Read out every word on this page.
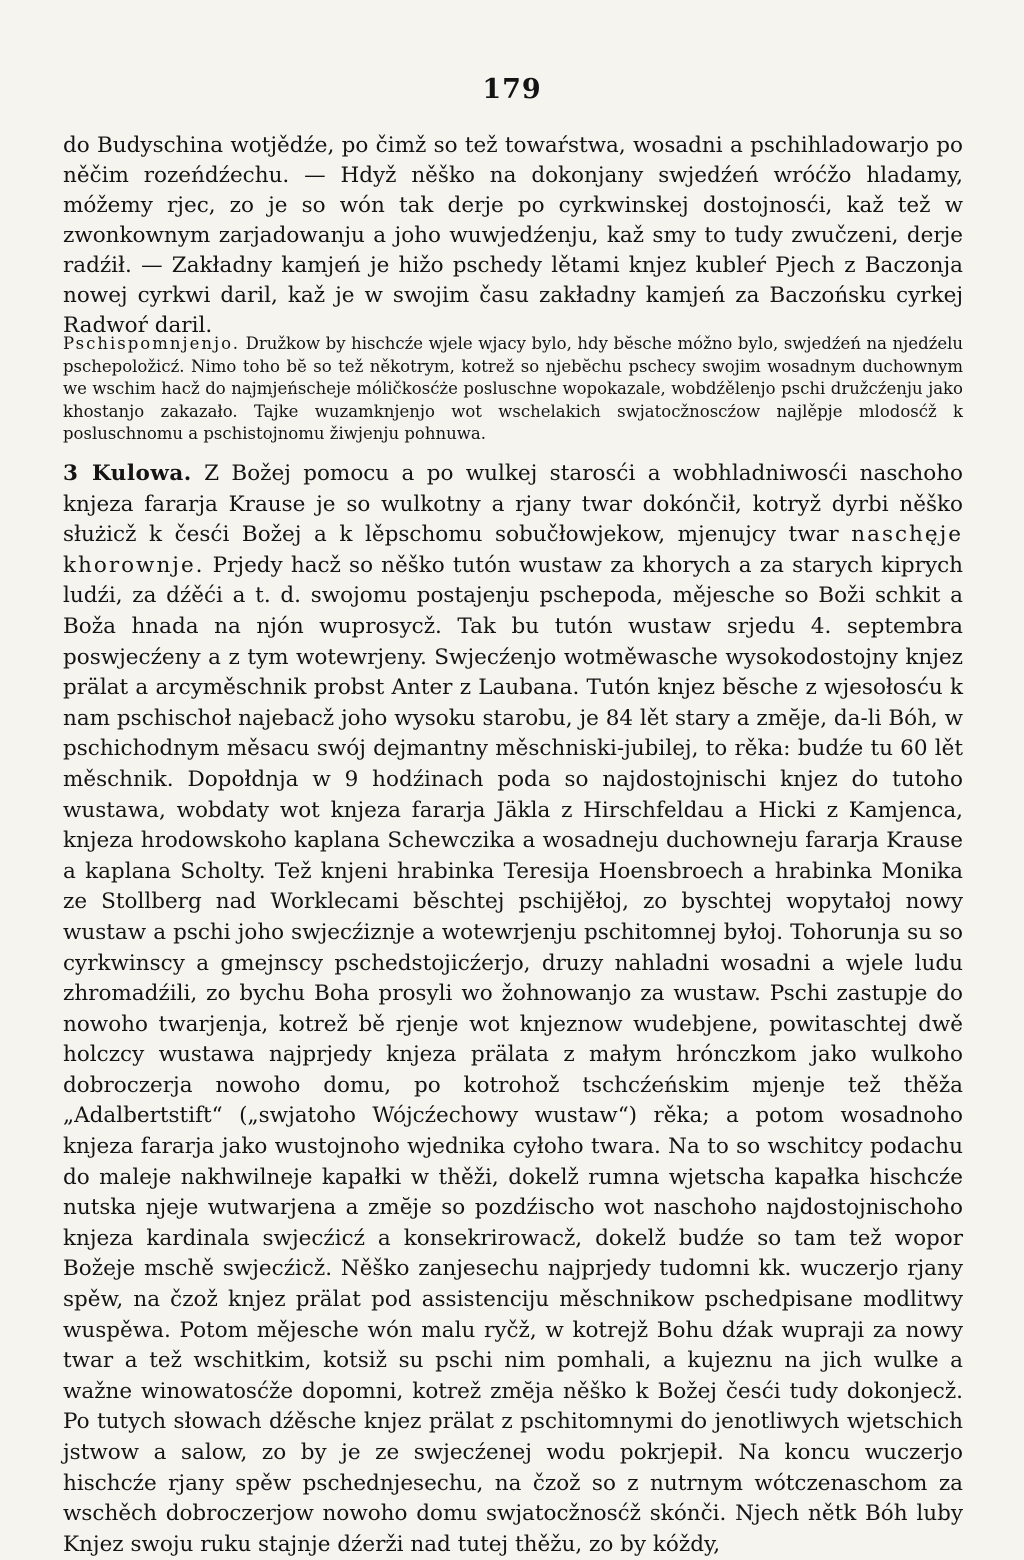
179

do Budyschina wotjědźe, po čimž so tež towaŕstwa, wosadni a pschihladowarjo po něčim rozeńdźechu. — Hdyž něško na dokonjany swjedźeń wróćžo hladamy, móžemy rjec, zo je so wón tak derje po cyrkwinskej dostojnosći, kaž tež w zwonkownym zarjadowanju a joho wuwjedźenju, kaž smy to tudy zwučzeni, derje radźił. — Zakładny kamjeń je hižo pschedy lětami knjez kubleŕ Pjech z Baczonja nowej cyrkwi daril, kaž je w swojim času zakładny kamjeń za Baczońsku cyrkej Radwoŕ daril.

Pschispomnjenjo. Družkow by hischcźe wjele wjacy bylo, hdy bĕsche móžno bylo, swjedźeń na njedźelu pschepoložicź. Nimo toho bĕ so tež někotrym, kotrež so njebĕchu pschecy swojim wosadnym duchownym we wschim hacž do najmjeńscheje móličkosćże posluschne wopokazale, wobdźělenjo pschi družcźenju jako khostanjo zakazało. Tajke wuzamknjenjo wot wschelakich swjatocžnoscźow najlěpje mlodosćž k posluschnomu a pschistojnomu žiwjenju pohnuwa.

3 Kulowa. Z Božej pomocu a po wulkej starosći a wobhladniwosći naschoho knjeza fararja Krause je so wulkotny a rjany twar dokónčił, kotryž dyrbi něško służicž k česći Božej a k lěpschomu sobučłowjekow, mjenujcy twar naschęje khorownje. Prjedy hacž so něško tutón wustaw za khorych a za starych kiprych ludźi, za dźěći a t. d. swojomu postajenju pschepoda, mějesche so Boži schkit a Boža hnada na njón wuprosycž. Tak bu tutón wustaw srjedu 4. septembra poswjecźeny a z tym wotewrjeny. Swjecźenjo wotměwasche wysokodostojny knjez prälat a arcyměschnik probst Anter z Laubana. Tutón knjez bĕsche z wjesołosću k nam pschischoł najebacž joho wysoku starobu, je 84 lět stary a zmĕje, da-li Bóh, w pschichodnym měsacu swój dejmantny měschniski-jubilej, to rěka: budźe tu 60 lět měschnik. Dopołdnja w 9 hodźinach poda so najdostojnischi knjez do tutoho wustawa, wobdaty wot knjeza fararja Jäkla z Hirschfeldau a Hicki z Kamjenca, knjeza hrodowskoho kaplana Schewczika a wosadneju duchowneju fararja Krause a kaplana Scholty. Tež knjeni hrabinka Teresija Hoensbroech a hrabinka Monika ze Stollberg nad Worklecami běschtej pschijěłoj, zo byschtej wopytałoj nowy wustaw a pschi joho swjecźiznje a wotewrjenju pschitomnej byłoj. Tohorunja su so cyrkwinscy a gmejnscy pschedstojicźerjo, druzy nahladni wosadni a wjele ludu zhromadźili, zo bychu Boha prosyli wo žohnowanjo za wustaw. Pschi zastupje do nowoho twarjenja, kotrež bě rjenje wot knjeznow wudebjene, powitaschtej dwě holczcy wustawa najprjedy knjeza prälata z małym hrónczkom jako wulkoho dobroczerja nowoho domu, po kotrohož tschcźeńskim mjenje tež thěža „Adalbertstift“ („swjatoho Wójcźechowy wustaw“) rěka; a potom wosadnoho knjeza fararja jako wustojnoho wjednika cyłoho twara. Na to so wschitcy podachu do maleje nakhwilneje kapałki w thěži, dokelž rumna wjetscha kapałka hischcźe nutska njeje wutwarjena a zmĕje so pozdźischo wot naschoho najdostojnischoho knjeza kardinala swjecźicź a konsekrirowacž, dokelž budźe so tam tež wopor Božeje mschě swjecźicž. Něško zanjesechu najprjedy tudomni kk. wuczerjo rjany spěw, na čzož knjez prälat pod assistenciju měschnikow pschedpisane modlitwy wuspěwa. Potom mějesche wón malu ryčž, w kotrejž Bohu dźak wupraji za nowy twar a tež wschitkim, kotsiž su pschi nim pomhali, a kujeznu na jich wulke a wažne winowatosćže dopomni, kotrež zmĕja něško k Božej česći tudy dokonjecž. Po tutych słowach dźěsche knjez prälat z pschitomnymi do jenotliwych wjetschich jstwow a salow, zo by je ze swjecźenej wodu pokrjepił. Na koncu wuczerjo hischcźe rjany spěw pschednjesechu, na čzož so z nutrnym wótczenaschom za wschěch dobroczerjow nowoho domu swjatocžnosćž skónči. Njech nětk Bóh luby Knjez swoju ruku stajnje dźerži nad tutej thěžu, zo by kóždy,
